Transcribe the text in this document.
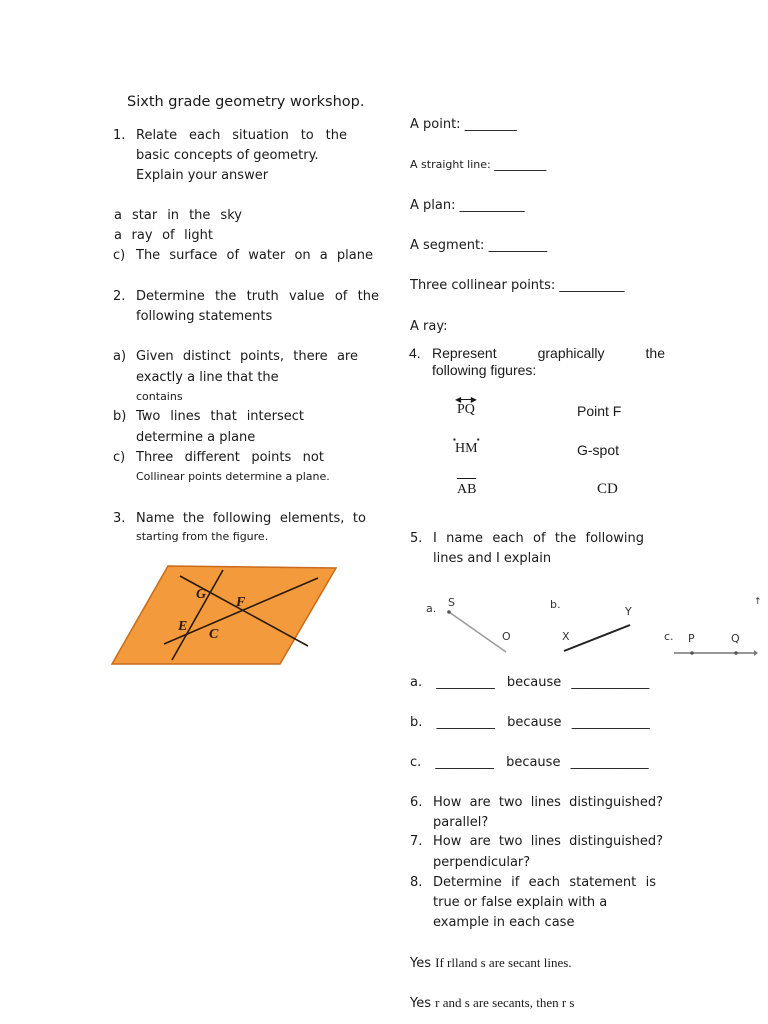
Sixth grade geometry workshop.
1. Relate each situation to the
basic concepts of geometry.
Explain your answer
a star in the sky
a ray of light
c) The surface of water on a plane
2. Determine the truth value of the
following statements
a) Given distinct points, there are
exactly a line that the
contains
b) Two lines that intersect
determine a plane
c) Three different points not
Collinear points determine a plane.
3. Name the following elements, to
starting from the figure.
G
F
E
C
A point: ________
A straight line: ________
A plan: __________
A segment: _________
Three collinear points: __________
A ray:
4. Represent	graphically	the
following figures:
◀ ▶
PQ	Point F
▪	▪
HM	G-spot
AB	CD
5. I name each of the following
lines and I explain
a. S
O
b.
X
Y
c. P	Q
↑
a. _________ because ____________
b. _________ because ____________
c. _________ because ____________
6. How are two lines distinguished?
parallel?
7. How are two lines distinguished?
perpendicular?
8. Determine if each statement is
true or false explain with a
example in each case
Yes If rlland s are secant lines.
Yes r and s are secants, then r s
